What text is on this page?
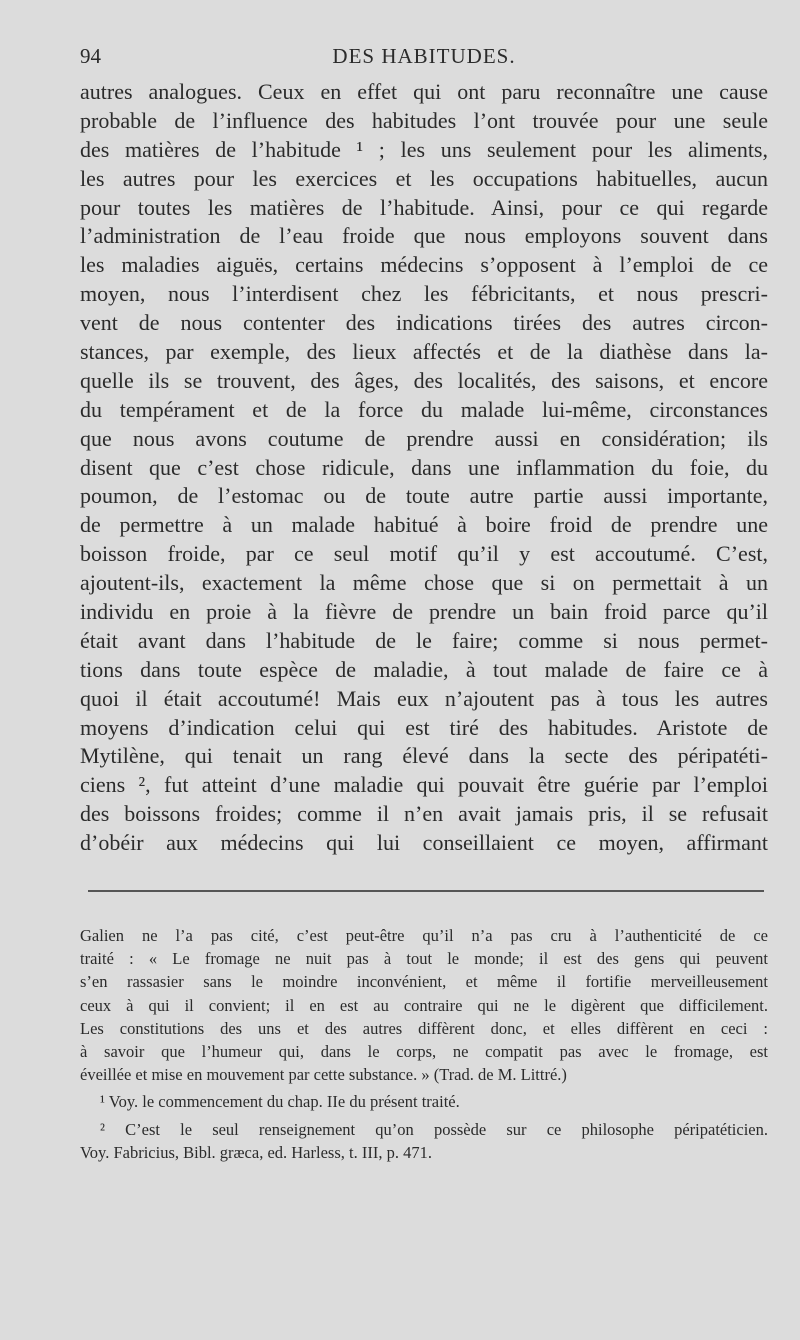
94	DES HABITUDES.
autres analogues. Ceux en effet qui ont paru reconnaître une cause
probable de l’influence des habitudes l’ont trouvée pour une seule
des matières de l’habitude ¹ ; les uns seulement pour les aliments,
les autres pour les exercices et les occupations habituelles, aucun
pour toutes les matières de l’habitude. Ainsi, pour ce qui regarde
l’administration de l’eau froide que nous employons souvent dans
les maladies aiguës, certains médecins s’opposent à l’emploi de ce
moyen, nous l’interdisent chez les fébricitants, et nous prescri-
vent de nous contenter des indications tirées des autres circon-
stances, par exemple, des lieux affectés et de la diathèse dans la-
quelle ils se trouvent, des âges, des localités, des saisons, et encore
du tempérament et de la force du malade lui-même, circonstances
que nous avons coutume de prendre aussi en considération; ils
disent que c’est chose ridicule, dans une inflammation du foie, du
poumon, de l’estomac ou de toute autre partie aussi importante,
de permettre à un malade habitué à boire froid de prendre une
boisson froide, par ce seul motif qu’il y est accoutumé. C’est,
ajoutent-ils, exactement la même chose que si on permettait à un
individu en proie à la fièvre de prendre un bain froid parce qu’il
était avant dans l’habitude de le faire; comme si nous permet-
tions dans toute espèce de maladie, à tout malade de faire ce à
quoi il était accoutumé! Mais eux n’ajoutent pas à tous les autres
moyens d’indication celui qui est tiré des habitudes. Aristote de
Mytilène, qui tenait un rang élevé dans la secte des péripatéti-
ciens ², fut atteint d’une maladie qui pouvait être guérie par l’emploi
des boissons froides; comme il n’en avait jamais pris, il se refusait
d’obéir aux médecins qui lui conseillaient ce moyen, affirmant
Galien ne l’a pas cité, c’est peut-être qu’il n’a pas cru à l’authenticité de ce
traité : « Le fromage ne nuit pas à tout le monde; il est des gens qui peuvent
s’en rassasier sans le moindre inconvénient, et même il fortifie merveilleusement
ceux à qui il convient; il en est au contraire qui ne le digèrent que difficilement.
Les constitutions des uns et des autres diffèrent donc, et elles diffèrent en ceci :
à savoir que l’humeur qui, dans le corps, ne compatit pas avec le fromage, est
éveillée et mise en mouvement par cette substance. » (Trad. de M. Littré.)
¹ Voy. le commencement du chap. IIe du présent traité.
² C’est le seul renseignement qu’on possède sur ce philosophe péripatéticien.
Voy. Fabricius, Bibl. græca, ed. Harless, t. III, p. 471.
